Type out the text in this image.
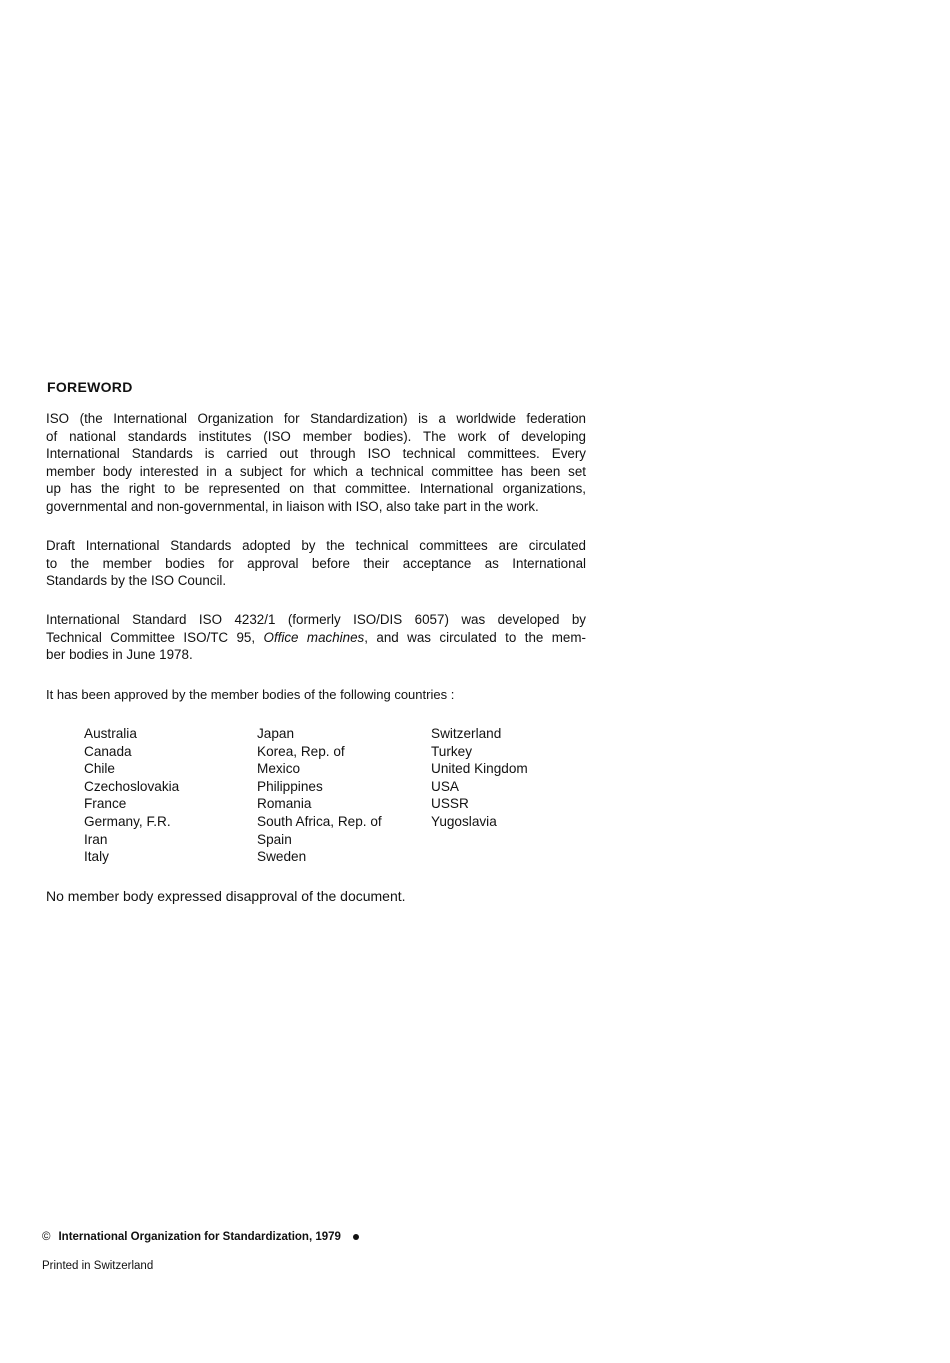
FOREWORD
ISO (the International Organization for Standardization) is a worldwide federation
of national standards institutes (ISO member bodies). The work of developing
International Standards is carried out through ISO technical committees. Every
member body interested in a subject for which a technical committee has been set
up has the right to be represented on that committee. International organizations,
governmental and non-governmental, in liaison with ISO, also take part in the work.
Draft International Standards adopted by the technical committees are circulated
to the member bodies for approval before their acceptance as International
Standards by the ISO Council.
International Standard ISO 4232/1 (formerly ISO/DIS 6057) was developed by
Technical Committee ISO/TC 95, Office machines, and was circulated to the mem-
ber bodies in June 1978.
It has been approved by the member bodies of the following countries :
Australia
Canada
Chile
Czechoslovakia
France
Germany, F.R.
Iran
Italy
Japan
Korea, Rep. of
Mexico
Philippines
Romania
South Africa, Rep. of
Spain
Sweden
Switzerland
Turkey
United Kingdom
USA
USSR
Yugoslavia
No member body expressed disapproval of the document.
© International Organization for Standardization, 1979
Printed in Switzerland
